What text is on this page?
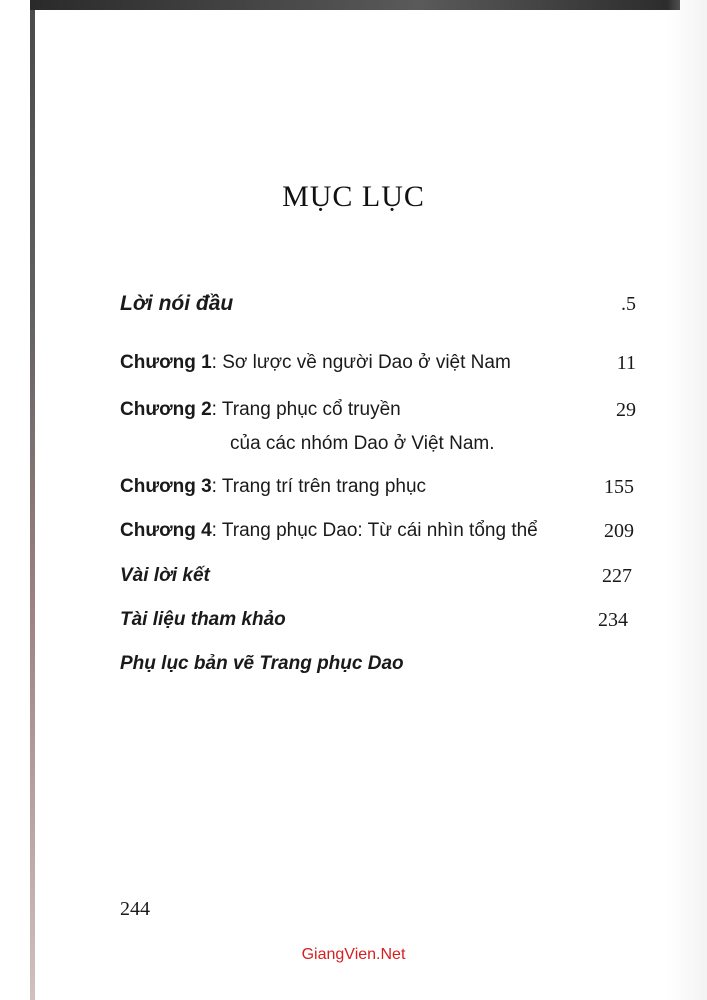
MỤC LỤC
Lời nói đầu	.5
Chương 1: Sơ lược về người Dao ở việt Nam	11
Chương 2: Trang phục cổ truyền	29
của các nhóm Dao ở Việt Nam.
Chương 3: Trang trí trên trang phục	155
Chương 4: Trang phục Dao: Từ cái nhìn tổng thể	209
Vài lời kết	227
Tài liệu tham khảo	234
Phụ lục bản vẽ Trang phục Dao
244
GiangVien.Net
